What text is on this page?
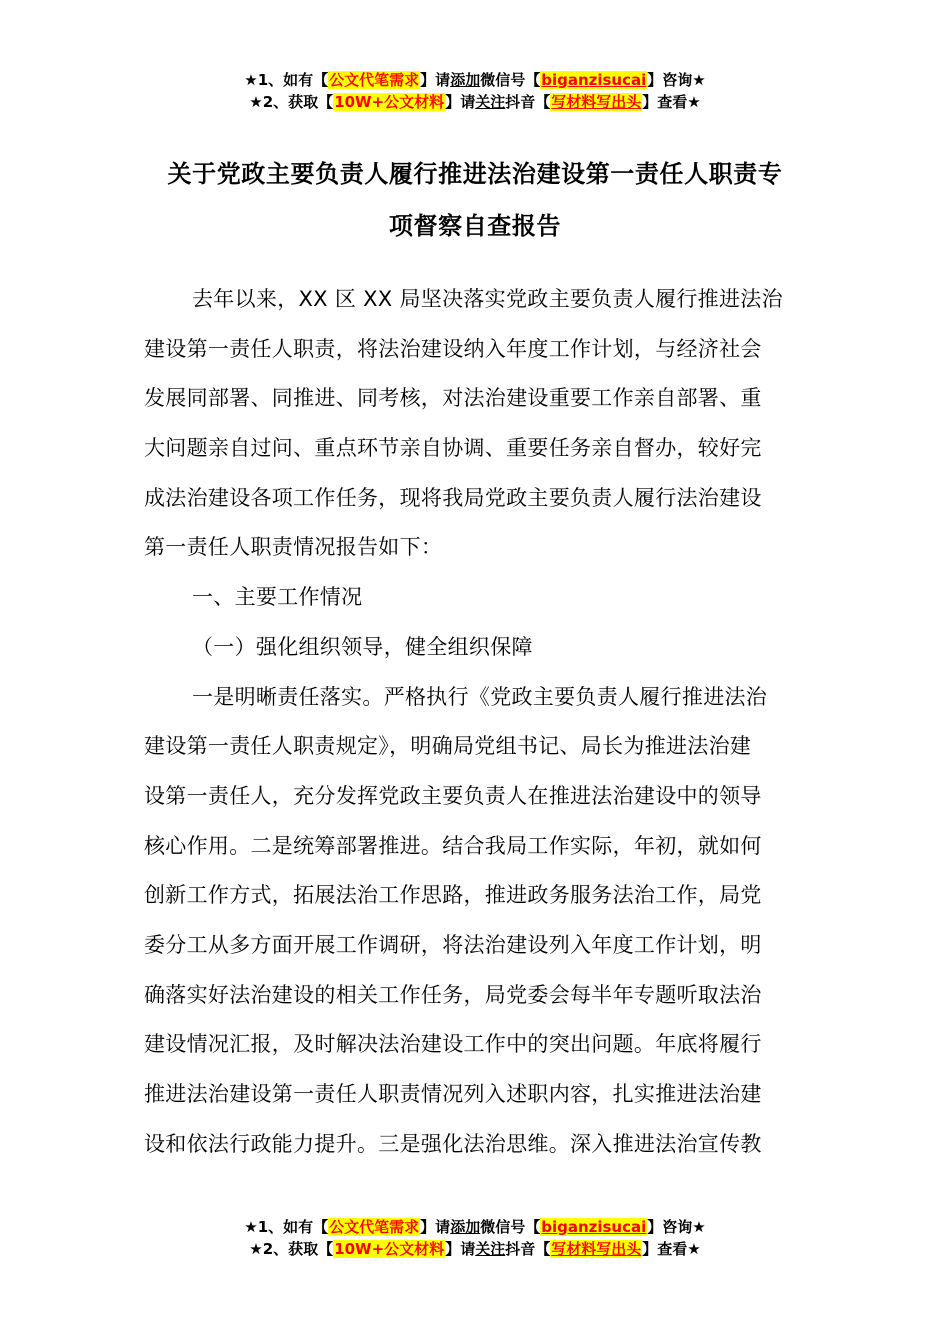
★1、如有【公文代笔需求】请添加微信号【biganzisucai】咨询★
★2、获取【10W+公文材料】请关注抖音【写材料写出头】查看★
关于党政主要负责人履行推进法治建设第一责任人职责专
项督察自查报告
去年以来，XX 区 XX 局坚决落实党政主要负责人履行推进法治
建设第一责任人职责，将法治建设纳入年度工作计划，与经济社会
发展同部署、同推进、同考核，对法治建设重要工作亲自部署、重
大问题亲自过问、重点环节亲自协调、重要任务亲自督办，较好完
成法治建设各项工作任务，现将我局党政主要负责人履行法治建设
第一责任人职责情况报告如下：
一、主要工作情况
（一）强化组织领导，健全组织保障
一是明晰责任落实。严格执行《党政主要负责人履行推进法治
建设第一责任人职责规定》，明确局党组书记、局长为推进法治建
设第一责任人，充分发挥党政主要负责人在推进法治建设中的领导
核心作用。二是统筹部署推进。结合我局工作实际，年初，就如何
创新工作方式，拓展法治工作思路，推进政务服务法治工作，局党
委分工从多方面开展工作调研，将法治建设列入年度工作计划，明
确落实好法治建设的相关工作任务，局党委会每半年专题听取法治
建设情况汇报，及时解决法治建设工作中的突出问题。年底将履行
推进法治建设第一责任人职责情况列入述职内容，扎实推进法治建
设和依法行政能力提升。三是强化法治思维。深入推进法治宣传教
★1、如有【公文代笔需求】请添加微信号【biganzisucai】咨询★
★2、获取【10W+公文材料】请关注抖音【写材料写出头】查看★
